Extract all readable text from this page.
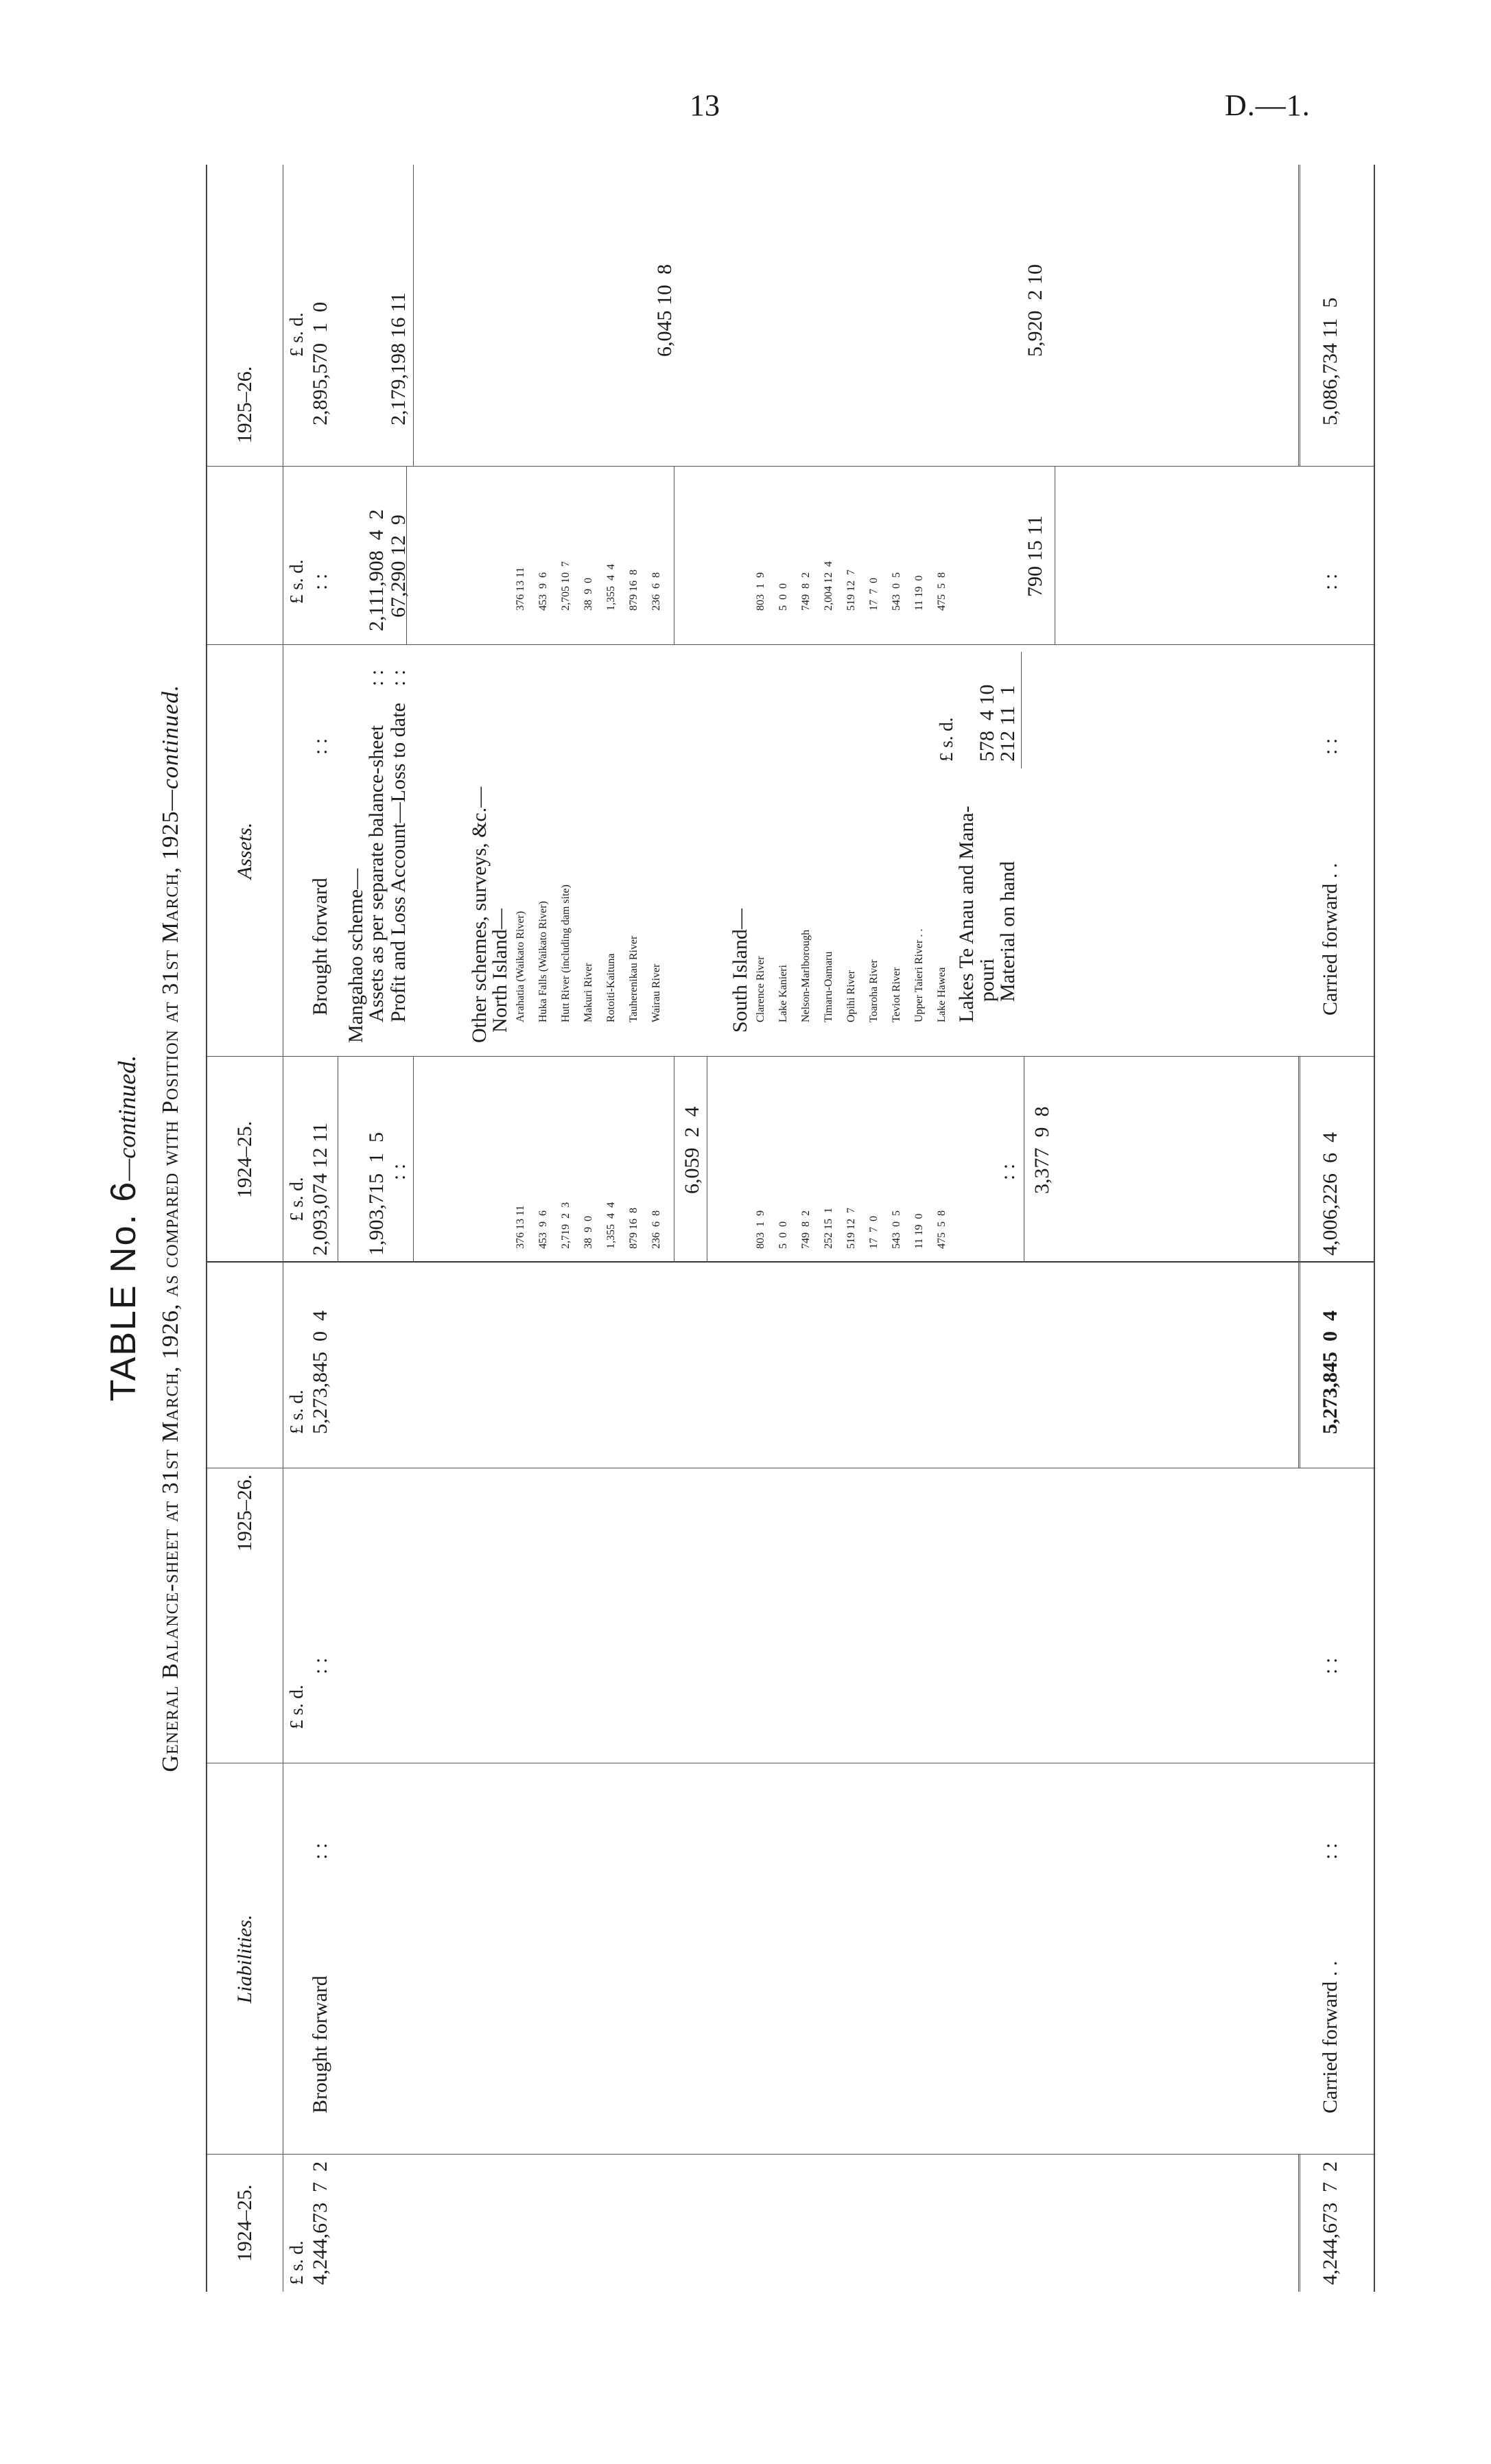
13	D.—1.
TABLE No. 6—continued. General Balance-sheet at 31st March, 1926, as compared with Position at 31st March, 1925—continued.
1924–25.
Liabilities.
1925–26.
1924–25.
Assets.
1925–26.
£ s. d.
£ s. d.
£ s. d.
£ s. d.
£ s. d.
£ s. d.
4,244,673  7  2
Brought forward
: :
: :
5,273,845  0  4
4,244,673  7  2
Carried forward . .
: :
: :
5,273,845  0  4
2,093,074 12 11
Brought forward
: :
: :
2,895,570  1  0
Mangahao scheme—
Assets as per separate balance-sheet
: :
2,111,908  4  2
Profit and Loss Account—Loss to date
: :
67,290 12  9
1,903,715  1  5 : :
2,179,198 16 11
Other schemes, surveys, &c.—
North Island— Arahatia (Waikato River)
376 13 11
376 13 11
Huka Falls (Waikato River)
453  9  6
453  9  6
Hutt River (including dam site)
2,719  2  3
2,705 10  7
Makuri River
38  9  0
38  9  0
Rotoiti-Kaituna
1,355  4  4
1,355  4  4
Tauherenikau River
879 16  8
879 16  8
Wairau River
236  6  8
236  6  8
6,059  2  4
6,045 10  8
South Island— Clarence River
803  1  9
803  1  9
Lake Kanieri
5  0  0
5  0  0
Nelson-Marlborough
749  8  2
749  8  2
Timaru-Oamaru
252 15  1
2,004 12  4
Opihi River
519 12  7
519 12  7
Toaroha River
17  7  0
17  7  0
Teviot River
543  0  5
543  0  5
Upper Taieri River . .
11 19  0
11 19  0
Lake Hawea
475  5  8
475  5  8
Lakes Te Anau and Mana-
£ s. d.
pouri
578  4 10
Material on hand
212 11  1
: :
790 15 11
3,377  9  8
5,920  2 10
4,006,226  6  4
Carried forward . .
: :
: :
5,086,734 11  5
